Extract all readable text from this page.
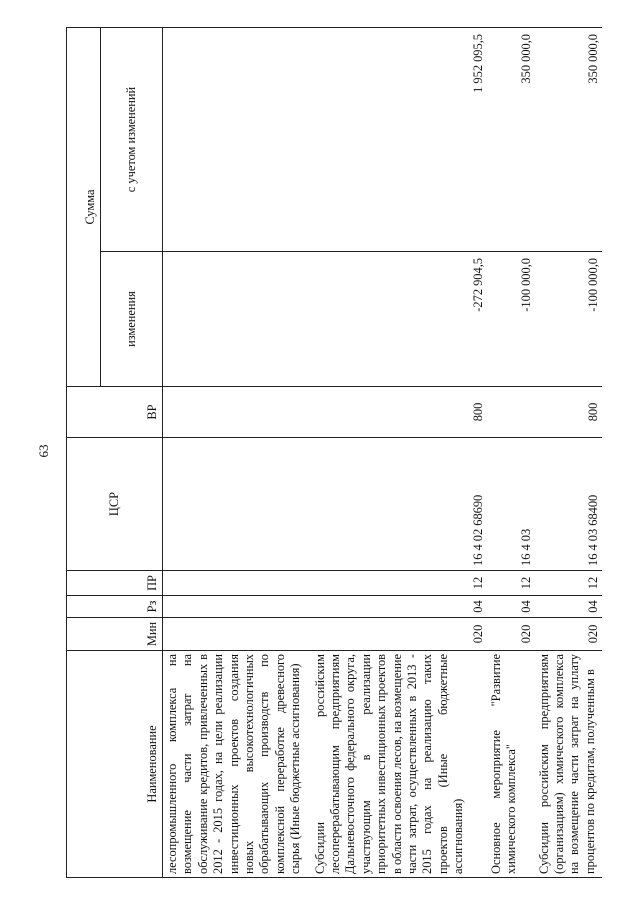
63
Наименование	Мин	Рз	ПР	ЦСР	ВР	Сумма	
						изменения	с учетом изменений
лесопромышленного комплекса на возмещение части затрат на обслуживание кредитов, привлеченных в 2012 - 2015 годах, на цели реализации инвестиционных проектов создания новых высокотехнологичных обрабатывающих производств по комплексной переработке древесного сырья (Иные бюджетные ассигнования)							
Субсидии российским лесоперерабатывающим предприятиям Дальневосточного федерального округа, участвующим в реализации приоритетных инвестиционных проектов в области освоения лесов, на возмещение части затрат, осуществленных в 2013 - 2015 годах на реализацию таких проектов (Иные бюджетные ассигнования)	020	04	12	16 4 02 68690	800	-272 904,5	1 952 095,5
Основное мероприятие "Развитие химического комплекса"	020	04	12	16 4 03		-100 000,0	350 000,0
Субсидии российским предприятиям (организациям) химического комплекса на возмещение части затрат на уплату процентов по кредитам, полученным в	020	04	12	16 4 03 68400	800	-100 000,0	350 000,0
